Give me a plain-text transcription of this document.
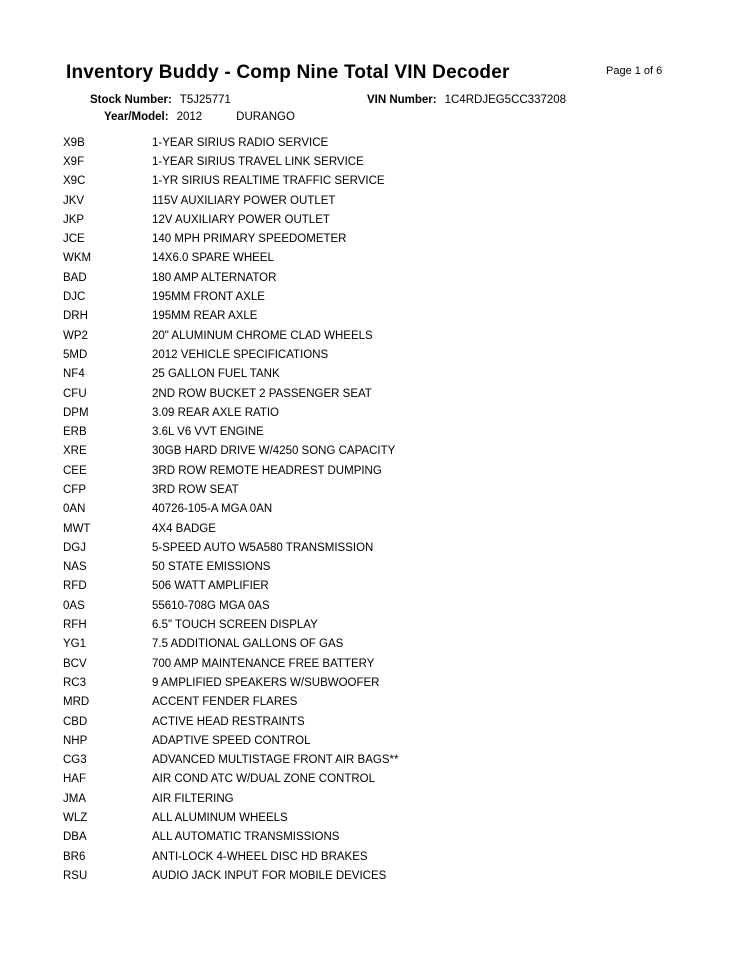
Inventory Buddy - Comp Nine Total VIN Decoder	Page 1 of 6
Stock Number: T5J25771	VIN Number: 1C4RDJEG5CC337208
Year/Model: 2012	DURANGO
X9B	1-YEAR SIRIUS RADIO SERVICE
X9F	1-YEAR SIRIUS TRAVEL LINK SERVICE
X9C	1-YR SIRIUS REALTIME TRAFFIC SERVICE
JKV	115V AUXILIARY POWER OUTLET
JKP	12V AUXILIARY POWER OUTLET
JCE	140 MPH PRIMARY SPEEDOMETER
WKM	14X6.0 SPARE WHEEL
BAD	180 AMP ALTERNATOR
DJC	195MM FRONT AXLE
DRH	195MM REAR AXLE
WP2	20" ALUMINUM CHROME CLAD WHEELS
5MD	2012 VEHICLE SPECIFICATIONS
NF4	25 GALLON FUEL TANK
CFU	2ND ROW BUCKET 2 PASSENGER SEAT
DPM	3.09 REAR AXLE RATIO
ERB	3.6L V6 VVT ENGINE
XRE	30GB HARD DRIVE W/4250 SONG CAPACITY
CEE	3RD ROW REMOTE HEADREST DUMPING
CFP	3RD ROW SEAT
0AN	40726-105-A MGA 0AN
MWT	4X4 BADGE
DGJ	5-SPEED AUTO W5A580 TRANSMISSION
NAS	50 STATE EMISSIONS
RFD	506 WATT AMPLIFIER
0AS	55610-708G MGA 0AS
RFH	6.5" TOUCH SCREEN DISPLAY
YG1	7.5 ADDITIONAL GALLONS OF GAS
BCV	700 AMP MAINTENANCE FREE BATTERY
RC3	9 AMPLIFIED SPEAKERS W/SUBWOOFER
MRD	ACCENT FENDER FLARES
CBD	ACTIVE HEAD RESTRAINTS
NHP	ADAPTIVE SPEED CONTROL
CG3	ADVANCED MULTISTAGE FRONT AIR BAGS**
HAF	AIR COND ATC W/DUAL ZONE CONTROL
JMA	AIR FILTERING
WLZ	ALL ALUMINUM WHEELS
DBA	ALL AUTOMATIC TRANSMISSIONS
BR6	ANTI-LOCK 4-WHEEL DISC HD BRAKES
RSU	AUDIO JACK INPUT FOR MOBILE DEVICES
